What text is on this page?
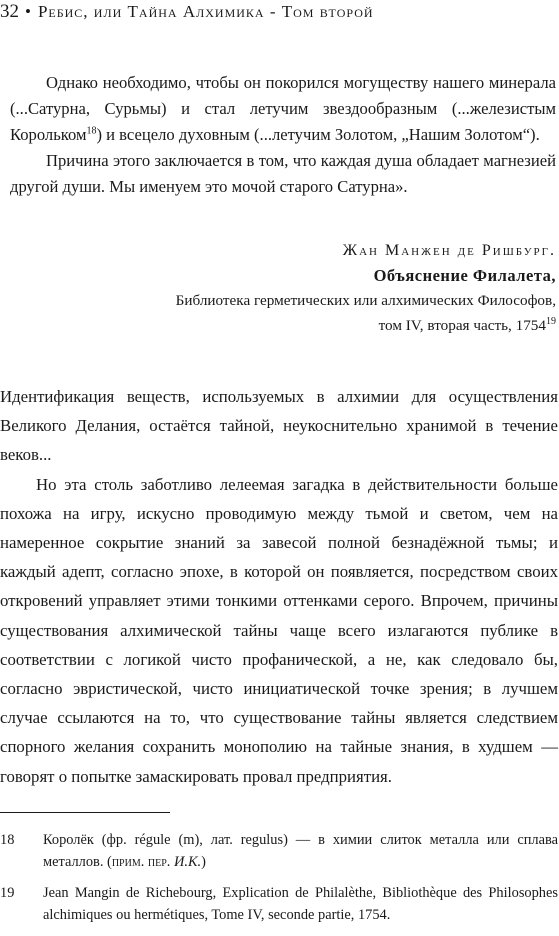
32 • Ребис, или Тайна Алхимика - Том второй

Однако необходимо, чтобы он покорился могуществу нашего минерала (...Сатурна, Сурьмы) и стал летучим звездообразным (...железистым Корольком$^{18}$) и всецело духовным (...летучим Золотом, „Нашим Золотом“).

Причина этого заключается в том, что каждая душа обладает магнезией другой души. Мы именуем это мочой старого Сатурна».

Жан Манжен де Ришбург.
Объяснение Филалета,
Библиотека герметических или алхимических Философов,
том IV, вторая часть, 1754$^{19}$

Идентификация веществ, используемых в алхимии для осуществления Великого Делания, остаётся тайной, неукоснительно хранимой в течение веков...

Но эта столь заботливо лелеемая загадка в действительности больше похожа на игру, искусно проводимую между тьмой и светом, чем на намеренное сокрытие знаний за завесой полной безнадёжной тьмы; и каждый адепт, согласно эпохе, в которой он появляется, посредством своих откровений управляет этими тонкими оттенками серого. Впрочем, причины существования алхимической тайны чаще всего излагаются публике в соответствии с логикой чисто профанической, а не, как следовало бы, согласно эвристической, чисто инициатической точке зрения; в лучшем случае ссылаются на то, что существование тайны является следствием спорного желания сохранить монополию на тайные знания, в худшем — говорят о попытке замаскировать провал предприятия.

18 Королёк (фр. régule (m), лат. regulus) — в химии слиток металла или сплава металлов. (прим. пер. И.К.)
19 Jean Mangin de Richebourg, Explication de Philalèthe, Bibliothèque des Philosophes alchimiques ou hermétiques, Tome IV, seconde partie, 1754.
